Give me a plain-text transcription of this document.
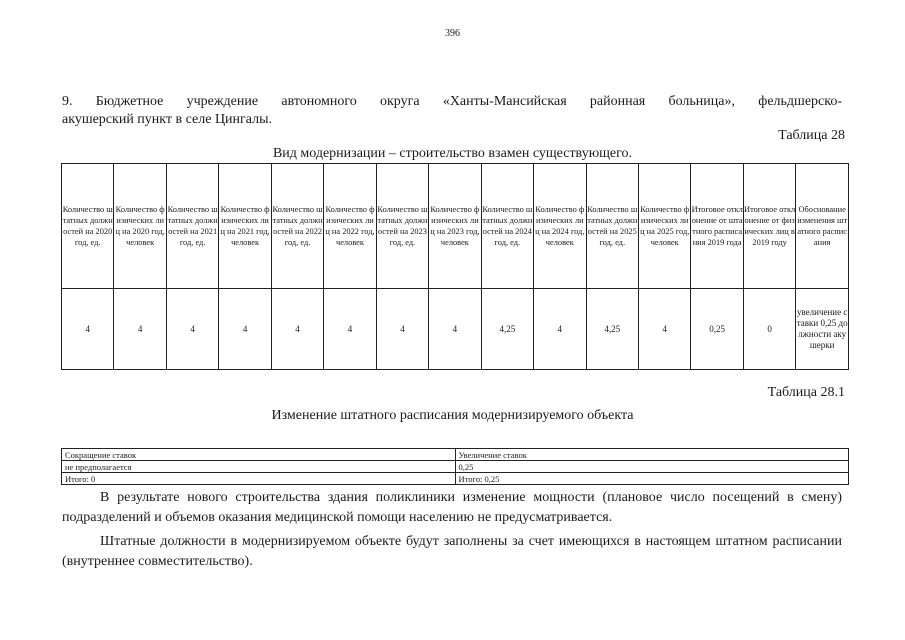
396
9. Бюджетное учреждение автономного округа «Ханты-Мансийская районная больница», фельдшерско-
акушерский пункт в селе Цингалы.
Таблица 28
Вид модернизации – строительство взамен существующего.
Количество штатных должностей на 2020 год, ед.	Количество физических лиц на 2020 год, человек	Количество штатных должностей на 2021 год, ед.	Количество физических лиц на 2021 год, человек	Количество штатных должностей на 2022 год, ед.	Количество физических лиц на 2022 год, человек	Количество штатных должностей на 2023 год, ед.	Количество физических лиц на 2023 год, человек	Количество штатных должностей на 2024 год, ед.	Количество физических лиц на 2024 год, человек	Количество штатных должностей на 2025 год, ед.	Количество физических лиц на 2025 год, человек	Итоговое отклонение от штатного расписания 2019 года	Итоговое отклонение от физических лиц в 2019 году	Обоснование изменения штатного расписания
4	4	4	4	4	4	4	4	4,25	4	4,25	4	0,25	0	увеличение ставки 0,25 должности акушерки
Таблица 28.1
Изменение штатного расписания модернизируемого объекта
Сокращение ставок	Увеличение ставок
не предполагается	0,25
Итого: 0	Итого: 0,25
В результате нового строительства здания поликлиники изменение мощности (плановое число посещений в смену) подразделений и объемов оказания медицинской помощи населению не предусматривается.
Штатные должности в модернизируемом объекте будут заполнены за счет имеющихся в настоящем штатном расписании (внутреннее совместительство).
